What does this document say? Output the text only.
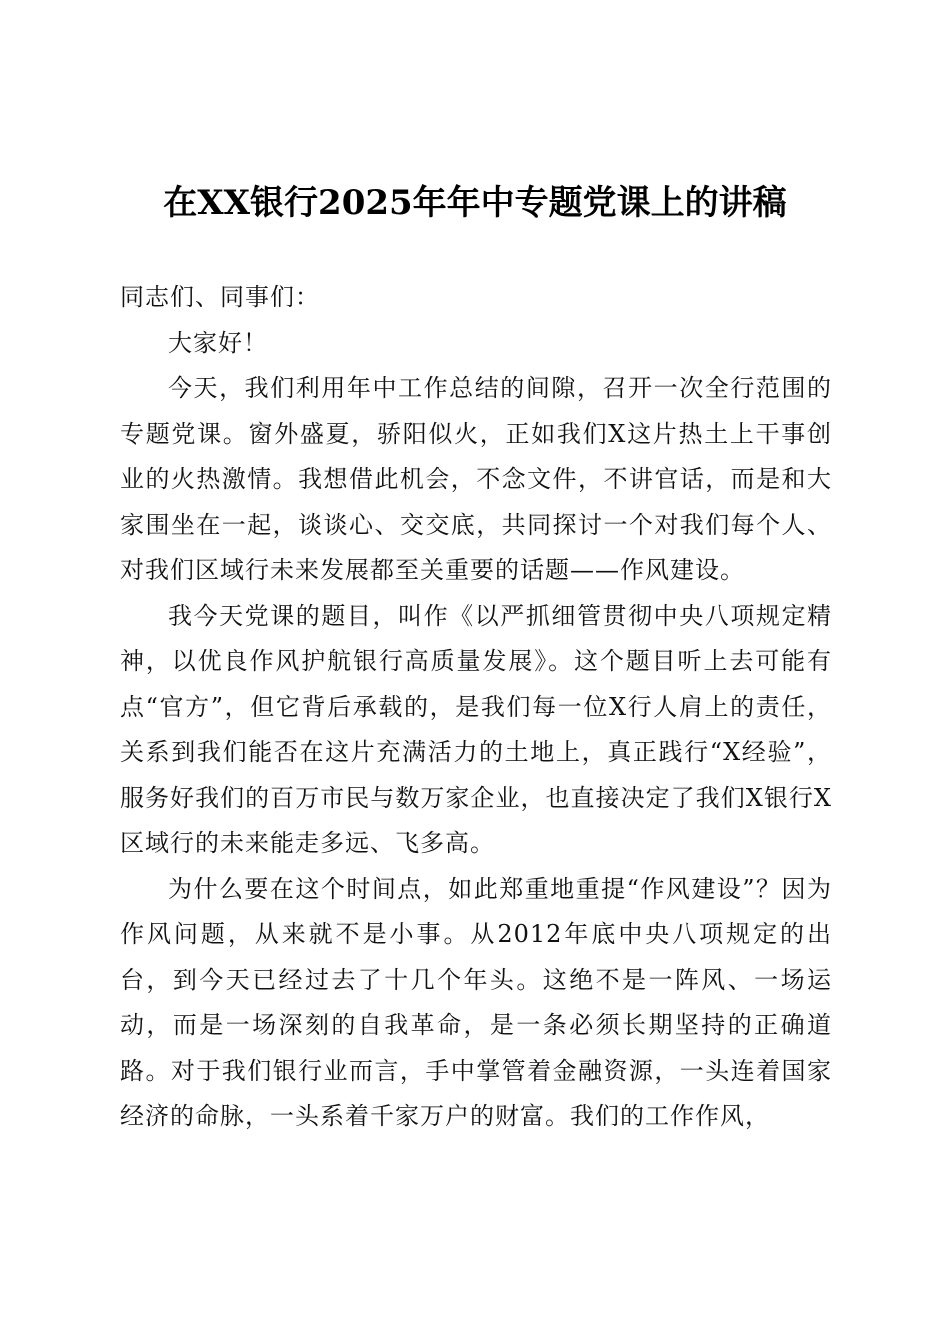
在XX银行2025年年中专题党课上的讲稿

同志们、同事们：

大家好！

今天，我们利用年中工作总结的间隙，召开一次全行范围的专题党课。窗外盛夏，骄阳似火，正如我们X这片热土上干事创业的火热激情。我想借此机会，不念文件，不讲官话，而是和大家围坐在一起，谈谈心、交交底，共同探讨一个对我们每个人、对我们区域行未来发展都至关重要的话题——作风建设。

我今天党课的题目，叫作《以严抓细管贯彻中央八项规定精神，以优良作风护航银行高质量发展》。这个题目听上去可能有点“官方”，但它背后承载的，是我们每一位X行人肩上的责任，关系到我们能否在这片充满活力的土地上，真正践行“X经验”，服务好我们的百万市民与数万家企业，也直接决定了我们X银行X区域行的未来能走多远、飞多高。

为什么要在这个时间点，如此郑重地重提“作风建设”？因为作风问题，从来就不是小事。从2012年底中央八项规定的出台，到今天已经过去了十几个年头。这绝不是一阵风、一场运动，而是一场深刻的自我革命，是一条必须长期坚持的正确道路。对于我们银行业而言，手中掌管着金融资源，一头连着国家经济的命脉，一头系着千家万户的财富。我们的工作作风，
